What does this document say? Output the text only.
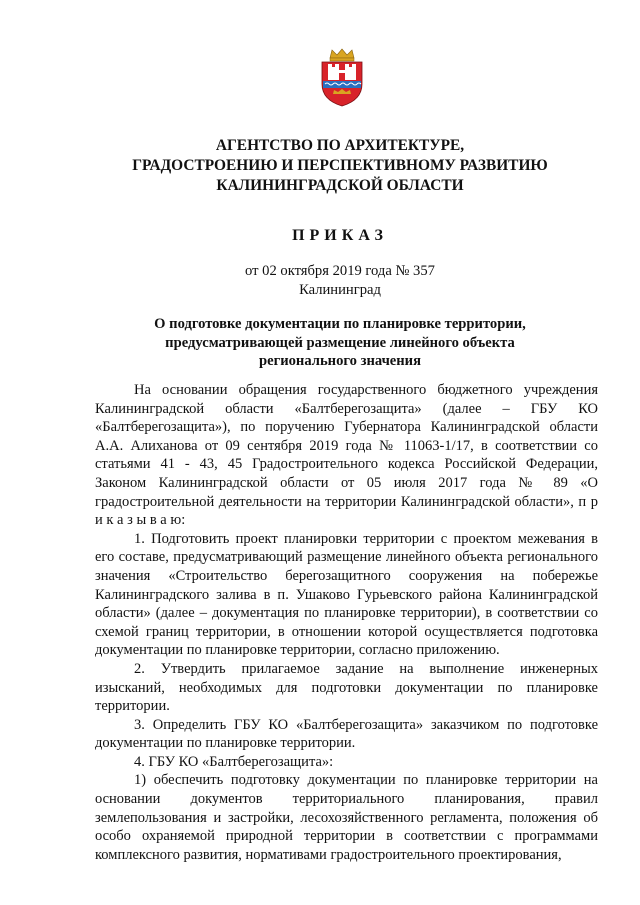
АГЕНТСТВО ПО АРХИТЕКТУРЕ,
ГРАДОСТРОЕНИЮ И ПЕРСПЕКТИВНОМУ РАЗВИТИЮ
КАЛИНИНГРАДСКОЙ ОБЛАСТИ
ПРИКАЗ
от 02 октября 2019 года № 357
Калининград
О подготовке документации по планировке территории,
предусматривающей размещение линейного объекта
регионального значения

На основании обращения государственного бюджетного учреждения Калининградской области «Балтберегозащита» (далее – ГБУ КО «Балтберегозащита»), по поручению Губернатора Калининградской области А.А. Алиханова от 09 сентября 2019 года № 11063-1/17, в соответствии со статьями 41 - 43, 45 Градостроительного кодекса Российской Федерации, Законом Калининградской области от 05 июля 2017 года № 89 «О градостроительной деятельности на территории Калининградской области», п р и к а з ы в а ю:

1. Подготовить проект планировки территории с проектом межевания в его составе, предусматривающий размещение линейного объекта регионального значения «Строительство берегозащитного сооружения на побережье Калининградского залива в п. Ушаково Гурьевского района Калининградской области» (далее – документация по планировке территории), в соответствии со схемой границ территории, в отношении которой осуществляется подготовка документации по планировке территории, согласно приложению.

2. Утвердить прилагаемое задание на выполнение инженерных изысканий, необходимых для подготовки документации по планировке территории.

3. Определить ГБУ КО «Балтберегозащита» заказчиком по подготовке документации по планировке территории.

4. ГБУ КО «Балтберегозащита»:

1) обеспечить подготовку документации по планировке территории на основании документов территориального планирования, правил землепользования и застройки, лесохозяйственного регламента, положения об особо охраняемой природной территории в соответствии с программами комплексного развития, нормативами градостроительного проектирования,
